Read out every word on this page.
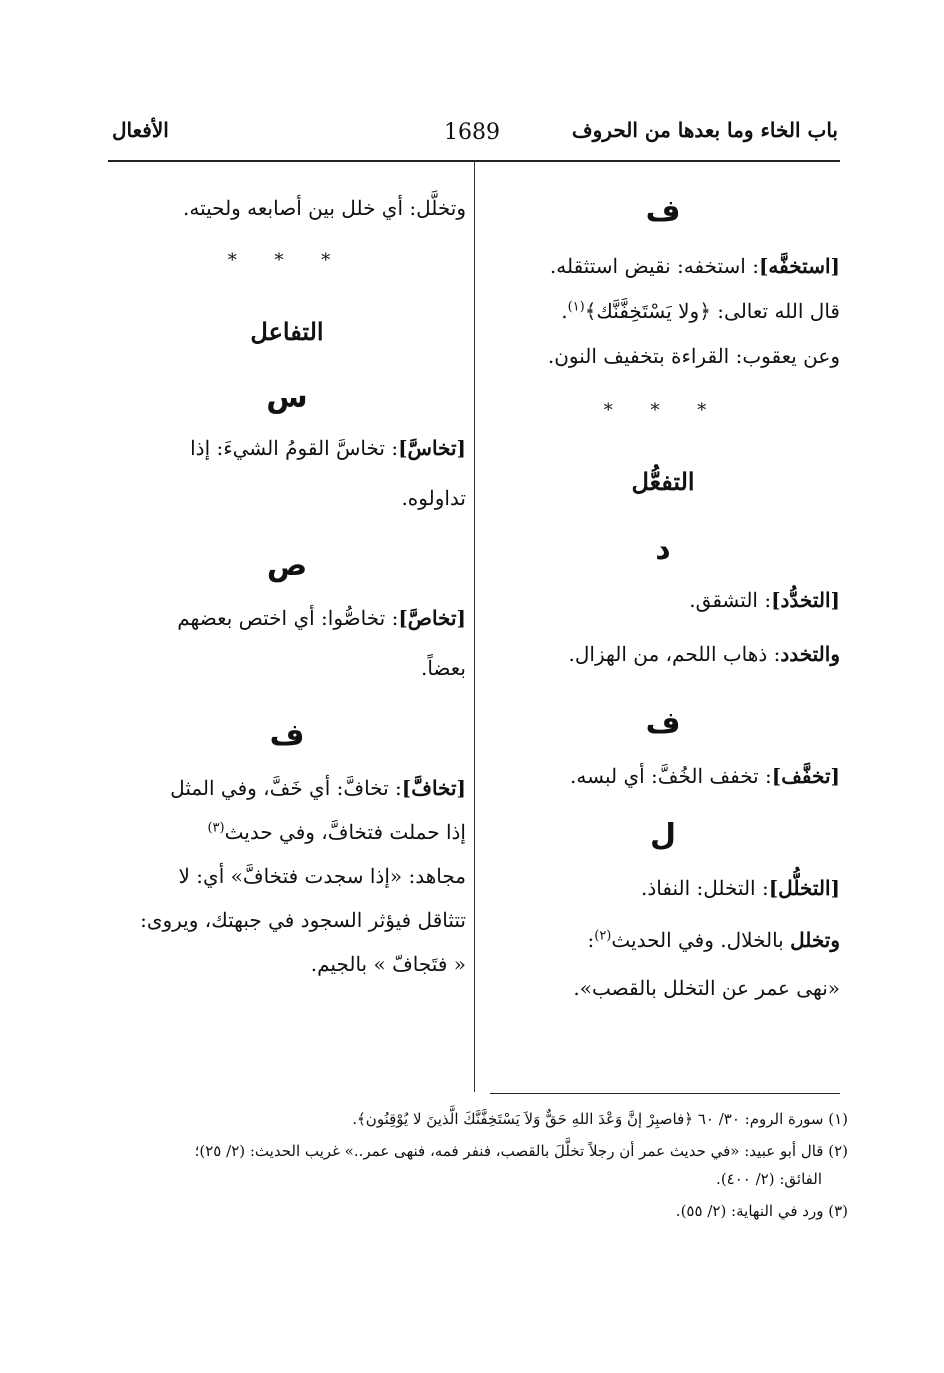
باب الخاء وما بعدها من الحروف
1689
الأفعال

ف

[استخفَّه]: استخفه: نقيض استثقله.

قال الله تعالى: ﴿ولا يَسْتَخِفَّنَّك﴾$^{(١)}$.

وعن يعقوب: القراءة بتخفيف النون.

* * *

التفعُّل

د

[التخدُّد]: التشقق.

والتخدد: ذهاب اللحم، من الهزال.

ف

[تخفَّف]: تخفف الخُفَّ: أي لبسه.

ل

[التخلُّل]: التخلل: النفاذ.

وتخلل بالخلال. وفي الحديث$^{(٢)}$:

«نهى عمر عن التخلل بالقصب».

وتخلَّل: أي خلل بين أصابعه ولحيته.

* * *

التفاعل

س

[تخاسَّ]: تخاسَّ القومُ الشيءَ: إذا

تداولوه.

ص

[تخاصَّ]: تخاصُّوا: أي اختص بعضهم

بعضاً.

ف

[تخافَّ]: تخافَّ: أي خَفَّ، وفي المثل

إذا حملت فتخافَّ، وفي حديث$^{(٣)}$

مجاهد: «إذا سجدت فتخافَّ» أي: لا

تتثاقل فيؤثر السجود في جبهتك، ويروى:

« فتَجافّ » بالجيم.

(١) سورة الروم: ٣٠/ ٦٠ ﴿فاصبِرْ إنَّ وَعْدَ اللهِ حَقٌّ وَلاَ يَسْتَخِفَّنَّكَ الَّذينَ لا يُوْقِنُون﴾.

(٢) قال أبو عبيد: «في حديث عمر أن رجلاً تخلَّلَ بالقصب، فنفر فمه، فنهى عمر..» غريب الحديث: (٢/ ٢٥)؛

الفائق: (٢/ ٤٠٠).

(٣) ورد في النهاية: (٢/ ٥٥).
